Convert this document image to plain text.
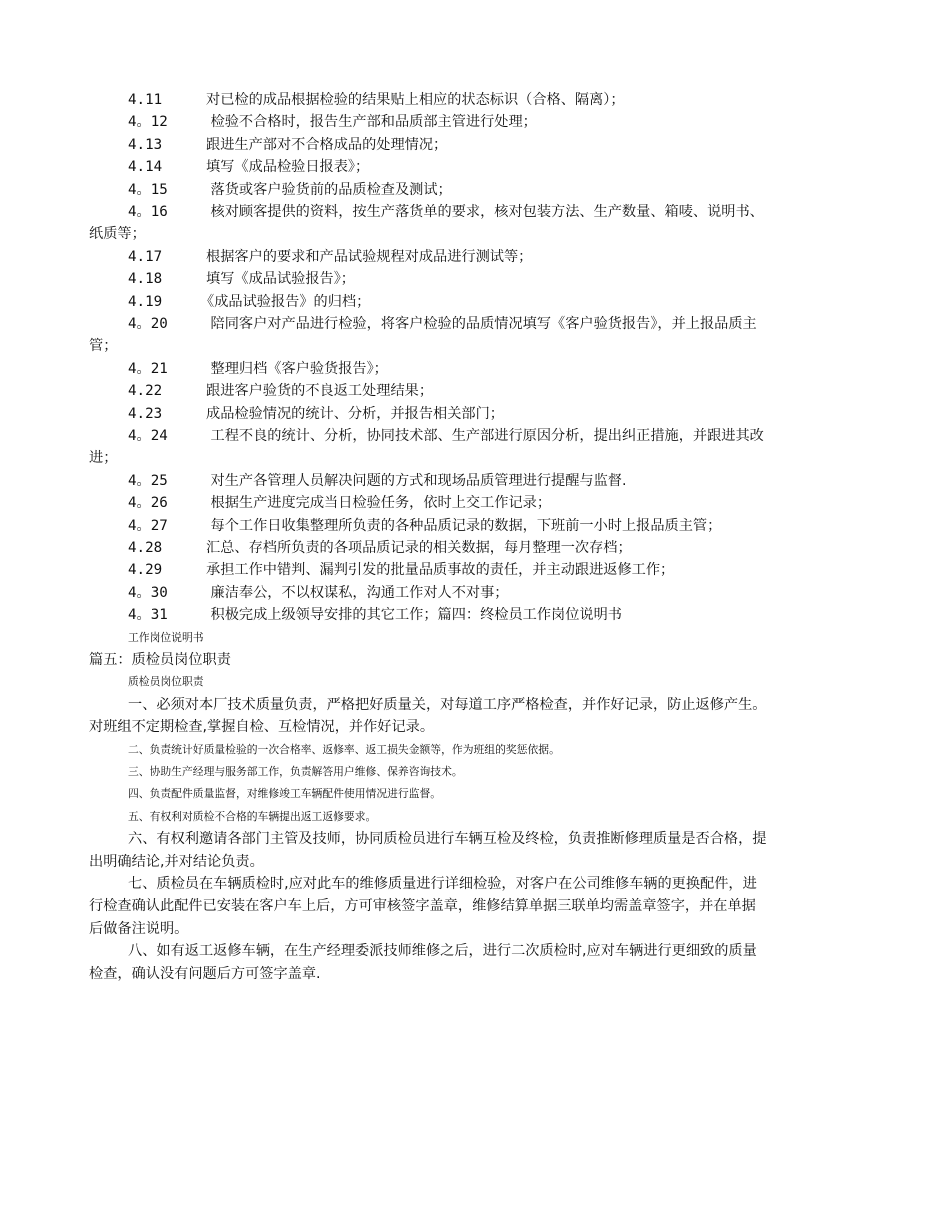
4.11	对已检的成品根据检验的结果贴上相应的状态标识（合格、隔离）；
4。12	检验不合格时，报告生产部和品质部主管进行处理；
4.13	跟进生产部对不合格成品的处理情况；
4.14	填写《成品检验日报表》；
4。15	落货或客户验货前的品质检查及测试；
4。16	核对顾客提供的资料，按生产落货单的要求，核对包装方法、生产数量、箱唛、说明书、
纸质等；
4.17	根据客户的要求和产品试验规程对成品进行测试等；
4.18	填写《成品试验报告》；
4.19	《成品试验报告》的归档；
4。20	陪同客户对产品进行检验，将客户检验的品质情况填写《客户验货报告》，并上报品质主
管；
4。21	整理归档《客户验货报告》；
4.22	跟进客户验货的不良返工处理结果；
4.23	成品检验情况的统计、分析，并报告相关部门；
4。24	工程不良的统计、分析，协同技术部、生产部进行原因分析，提出纠正措施，并跟进其改
进；
4。25	对生产各管理人员解决问题的方式和现场品质管理进行提醒与监督.
4。26	根据生产进度完成当日检验任务，依时上交工作记录；
4。27	每个工作日收集整理所负责的各种品质记录的数据，下班前一小时上报品质主管；
4.28	汇总、存档所负责的各项品质记录的相关数据，每月整理一次存档；
4.29	承担工作中错判、漏判引发的批量品质事故的责任，并主动跟进返修工作；
4。30	廉洁奉公，不以权谋私，沟通工作对人不对事；
4。31	积极完成上级领导安排的其它工作；篇四：终检员工作岗位说明书
工作岗位说明书
篇五：质检员岗位职责
质检员岗位职责
一、必须对本厂技术质量负责，严格把好质量关，对每道工序严格检查，并作好记录，防止返修产生。
对班组不定期检查,掌握自检、互检情况，并作好记录。
二、负责统计好质量检验的一次合格率、返修率、返工损失金额等，作为班组的奖惩依据。
三、协助生产经理与服务部工作，负责解答用户维修、保养咨询技术。
四、负责配件质量监督，对维修竣工车辆配件使用情况进行监督。
五、有权利对质检不合格的车辆提出返工返修要求。
六、有权利邀请各部门主管及技师，协同质检员进行车辆互检及终检，负责推断修理质量是否合格，提
出明确结论,并对结论负责。
七、质检员在车辆质检时,应对此车的维修质量进行详细检验，对客户在公司维修车辆的更换配件，进
行检查确认此配件已安装在客户车上后，方可审核签字盖章，维修结算单据三联单均需盖章签字，并在单据
后做备注说明。
八、如有返工返修车辆，在生产经理委派技师维修之后，进行二次质检时,应对车辆进行更细致的质量
检查，确认没有问题后方可签字盖章.
